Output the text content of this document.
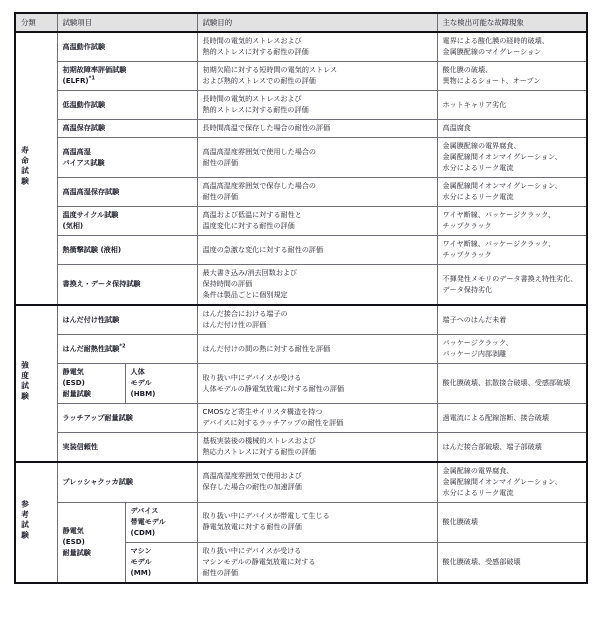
分類	試験項目		試験目的	主な検出可能な故障現象
寿命試験	高温動作試験		長時間の電気的ストレスおよび
熱的ストレスに対する耐性の評価	電界による酸化膜の経時的破壊、
金属膜配線のマイグレーション

	初期故障率評価試験
(ELFR)$^{*1}$		初期欠陥に対する短時間の電気的ストレス
および熱的ストレスでの耐性の評価	酸化膜の破壊、
異物によるショート、オープン

	低温動作試験		長時間の電気的ストレスおよび
熱的ストレスに対する耐性の評価	ホットキャリア劣化

	高温保存試験		長時間高温で保存した場合の耐性の評価	高温腐食

	高温高湿
バイアス試験		高温高湿度雰囲気で使用した場合の
耐性の評価	金属膜配線の電界腐食、
金属配線間イオンマイグレーション、
水分によるリーク電流

	高温高湿保存試験		高温高湿度雰囲気で保存した場合の
耐性の評価	金属配線間イオンマイグレーション、
水分によるリーク電流

	温度サイクル試験
(気相)		高温および低温に対する耐性と
温度変化に対する耐性の評価	ワイヤ断線、パッケージクラック、
チップクラック

	熱衝撃試験 (液相)		温度の急激な変化に対する耐性の評価	ワイヤ断線、パッケージクラック、
チップクラック

	書換え・データ保持試験		最大書き込み/消去回数および
保持時間の評価
条件は製品ごとに個別規定	不揮発性メモリのデータ書換え特性劣化、
データ保持劣化

強度試験	はんだ付け性試験		はんだ接合における端子の
はんだ付け性の評価	端子へのはんだ未着

	はんだ耐熱性試験$^{*2}$		はんだ付けの間の熱に対する耐性を評価	パッケージクラック、
パッケージ内部剥離

	静電気
(ESD)
耐量試験	人体
モデル
(HBM)	取り扱い中にデバイスが受ける
人体モデルの静電気放電に対する耐性の評価	酸化膜破壊、拡散接合破壊、受感部破壊

	ラッチアップ耐量試験		CMOSなど寄生サイリスタ構造を持つ
デバイスに対するラッチアップの耐性を評価	過電流による配線溶断、接合破壊

	実装信頼性		基板実装後の機械的ストレスおよび
熱応力ストレスに対する耐性の評価	はんだ接合部破壊、端子部破壊

参考試験	プレッシャクッカ試験		高温高湿度雰囲気で使用および
保存した場合の耐性の加速評価	金属配線の電界腐食、
金属配線間イオンマイグレーション、
水分によるリーク電流

	静電気
(ESD)
耐量試験	デバイス
帯電モデル
(CDM)	取り扱い中にデバイスが帯電して生じる
静電気放電に対する耐性の評価	酸化膜破壊

		マシン
モデル
(MM)	取り扱い中にデバイスが受ける
マシンモデルの静電気放電に対する
耐性の評価	酸化膜破壊、受感部破壊
